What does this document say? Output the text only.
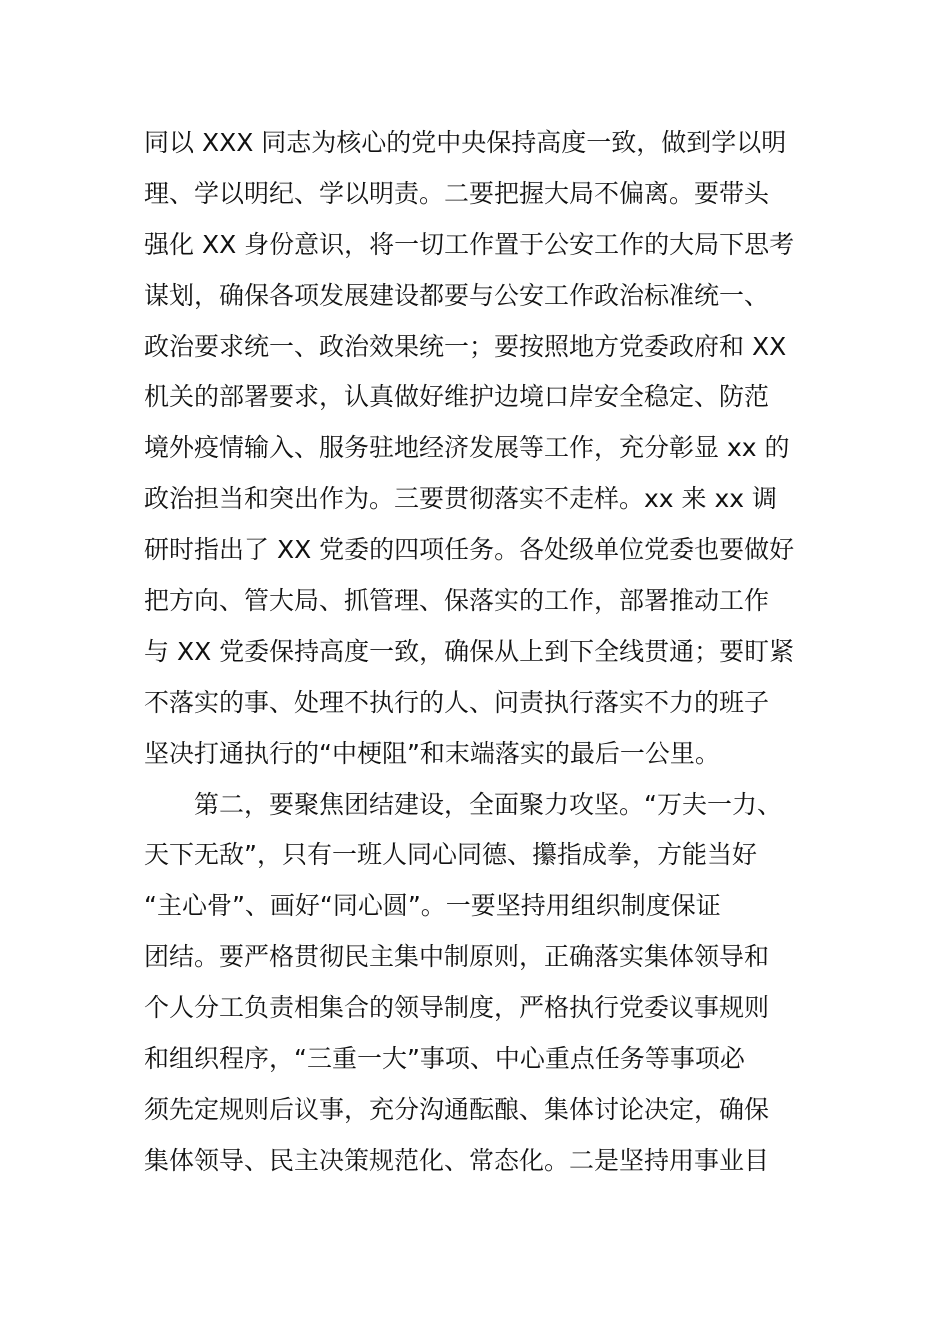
同以 XXX 同志为核心的党中央保持高度一致，做到学以明
理、学以明纪、学以明责。二要把握大局不偏离。要带头
强化 XX 身份意识，将一切工作置于公安工作的大局下思考
谋划，确保各项发展建设都要与公安工作政治标准统一、
政治要求统一、政治效果统一；要按照地方党委政府和 XX
机关的部署要求，认真做好维护边境口岸安全稳定、防范
境外疫情输入、服务驻地经济发展等工作，充分彰显 xx 的
政治担当和突出作为。三要贯彻落实不走样。xx 来 xx 调
研时指出了 XX 党委的四项任务。各处级单位党委也要做好
把方向、管大局、抓管理、保落实的工作，部署推动工作
与 XX 党委保持高度一致，确保从上到下全线贯通；要盯紧
不落实的事、处理不执行的人、问责执行落实不力的班子
坚决打通执行的“中梗阻”和末端落实的最后一公里。
第二，要聚焦团结建设，全面聚力攻坚。“万夫一力、
天下无敌”，只有一班人同心同德、攥指成拳，方能当好
“主心骨”、画好“同心圆”。一要坚持用组织制度保证
团结。要严格贯彻民主集中制原则，正确落实集体领导和
个人分工负责相集合的领导制度，严格执行党委议事规则
和组织程序，“三重一大”事项、中心重点任务等事项必
须先定规则后议事，充分沟通酝酿、集体讨论决定，确保
集体领导、民主决策规范化、常态化。二是坚持用事业目
